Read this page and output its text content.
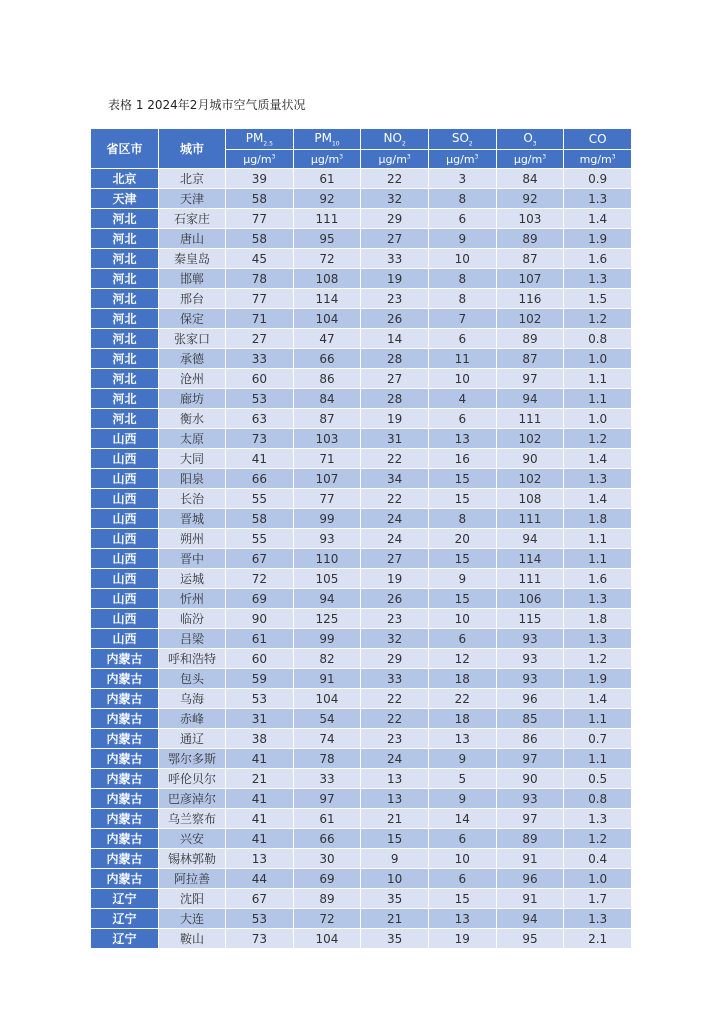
表格 1 2024年2月城市空气质量状况
省区市	城市	$PM_{2.5}$	$PM_{10}$	$NO_2$	$SO_2$	$O_3$	CO
		$\mu g/m^3$	$\mu g/m^3$	$\mu g/m^3$	$\mu g/m^3$	$\mu g/m^3$	$mg/m^3$
北京	北京	39	61	22	3	84	0.9
天津	天津	58	92	32	8	92	1.3
河北	石家庄	77	111	29	6	103	1.4
河北	唐山	58	95	27	9	89	1.9
河北	秦皇岛	45	72	33	10	87	1.6
河北	邯郸	78	108	19	8	107	1.3
河北	邢台	77	114	23	8	116	1.5
河北	保定	71	104	26	7	102	1.2
河北	张家口	27	47	14	6	89	0.8
河北	承德	33	66	28	11	87	1.0
河北	沧州	60	86	27	10	97	1.1
河北	廊坊	53	84	28	4	94	1.1
河北	衡水	63	87	19	6	111	1.0
山西	太原	73	103	31	13	102	1.2
山西	大同	41	71	22	16	90	1.4
山西	阳泉	66	107	34	15	102	1.3
山西	长治	55	77	22	15	108	1.4
山西	晋城	58	99	24	8	111	1.8
山西	朔州	55	93	24	20	94	1.1
山西	晋中	67	110	27	15	114	1.1
山西	运城	72	105	19	9	111	1.6
山西	忻州	69	94	26	15	106	1.3
山西	临汾	90	125	23	10	115	1.8
山西	吕梁	61	99	32	6	93	1.3
内蒙古	呼和浩特	60	82	29	12	93	1.2
内蒙古	包头	59	91	33	18	93	1.9
内蒙古	乌海	53	104	22	22	96	1.4
内蒙古	赤峰	31	54	22	18	85	1.1
内蒙古	通辽	38	74	23	13	86	0.7
内蒙古	鄂尔多斯	41	78	24	9	97	1.1
内蒙古	呼伦贝尔	21	33	13	5	90	0.5
内蒙古	巴彦淖尔	41	97	13	9	93	0.8
内蒙古	乌兰察布	41	61	21	14	97	1.3
内蒙古	兴安	41	66	15	6	89	1.2
内蒙古	锡林郭勒	13	30	9	10	91	0.4
内蒙古	阿拉善	44	69	10	6	96	1.0
辽宁	沈阳	67	89	35	15	91	1.7
辽宁	大连	53	72	21	13	94	1.3
辽宁	鞍山	73	104	35	19	95	2.1
